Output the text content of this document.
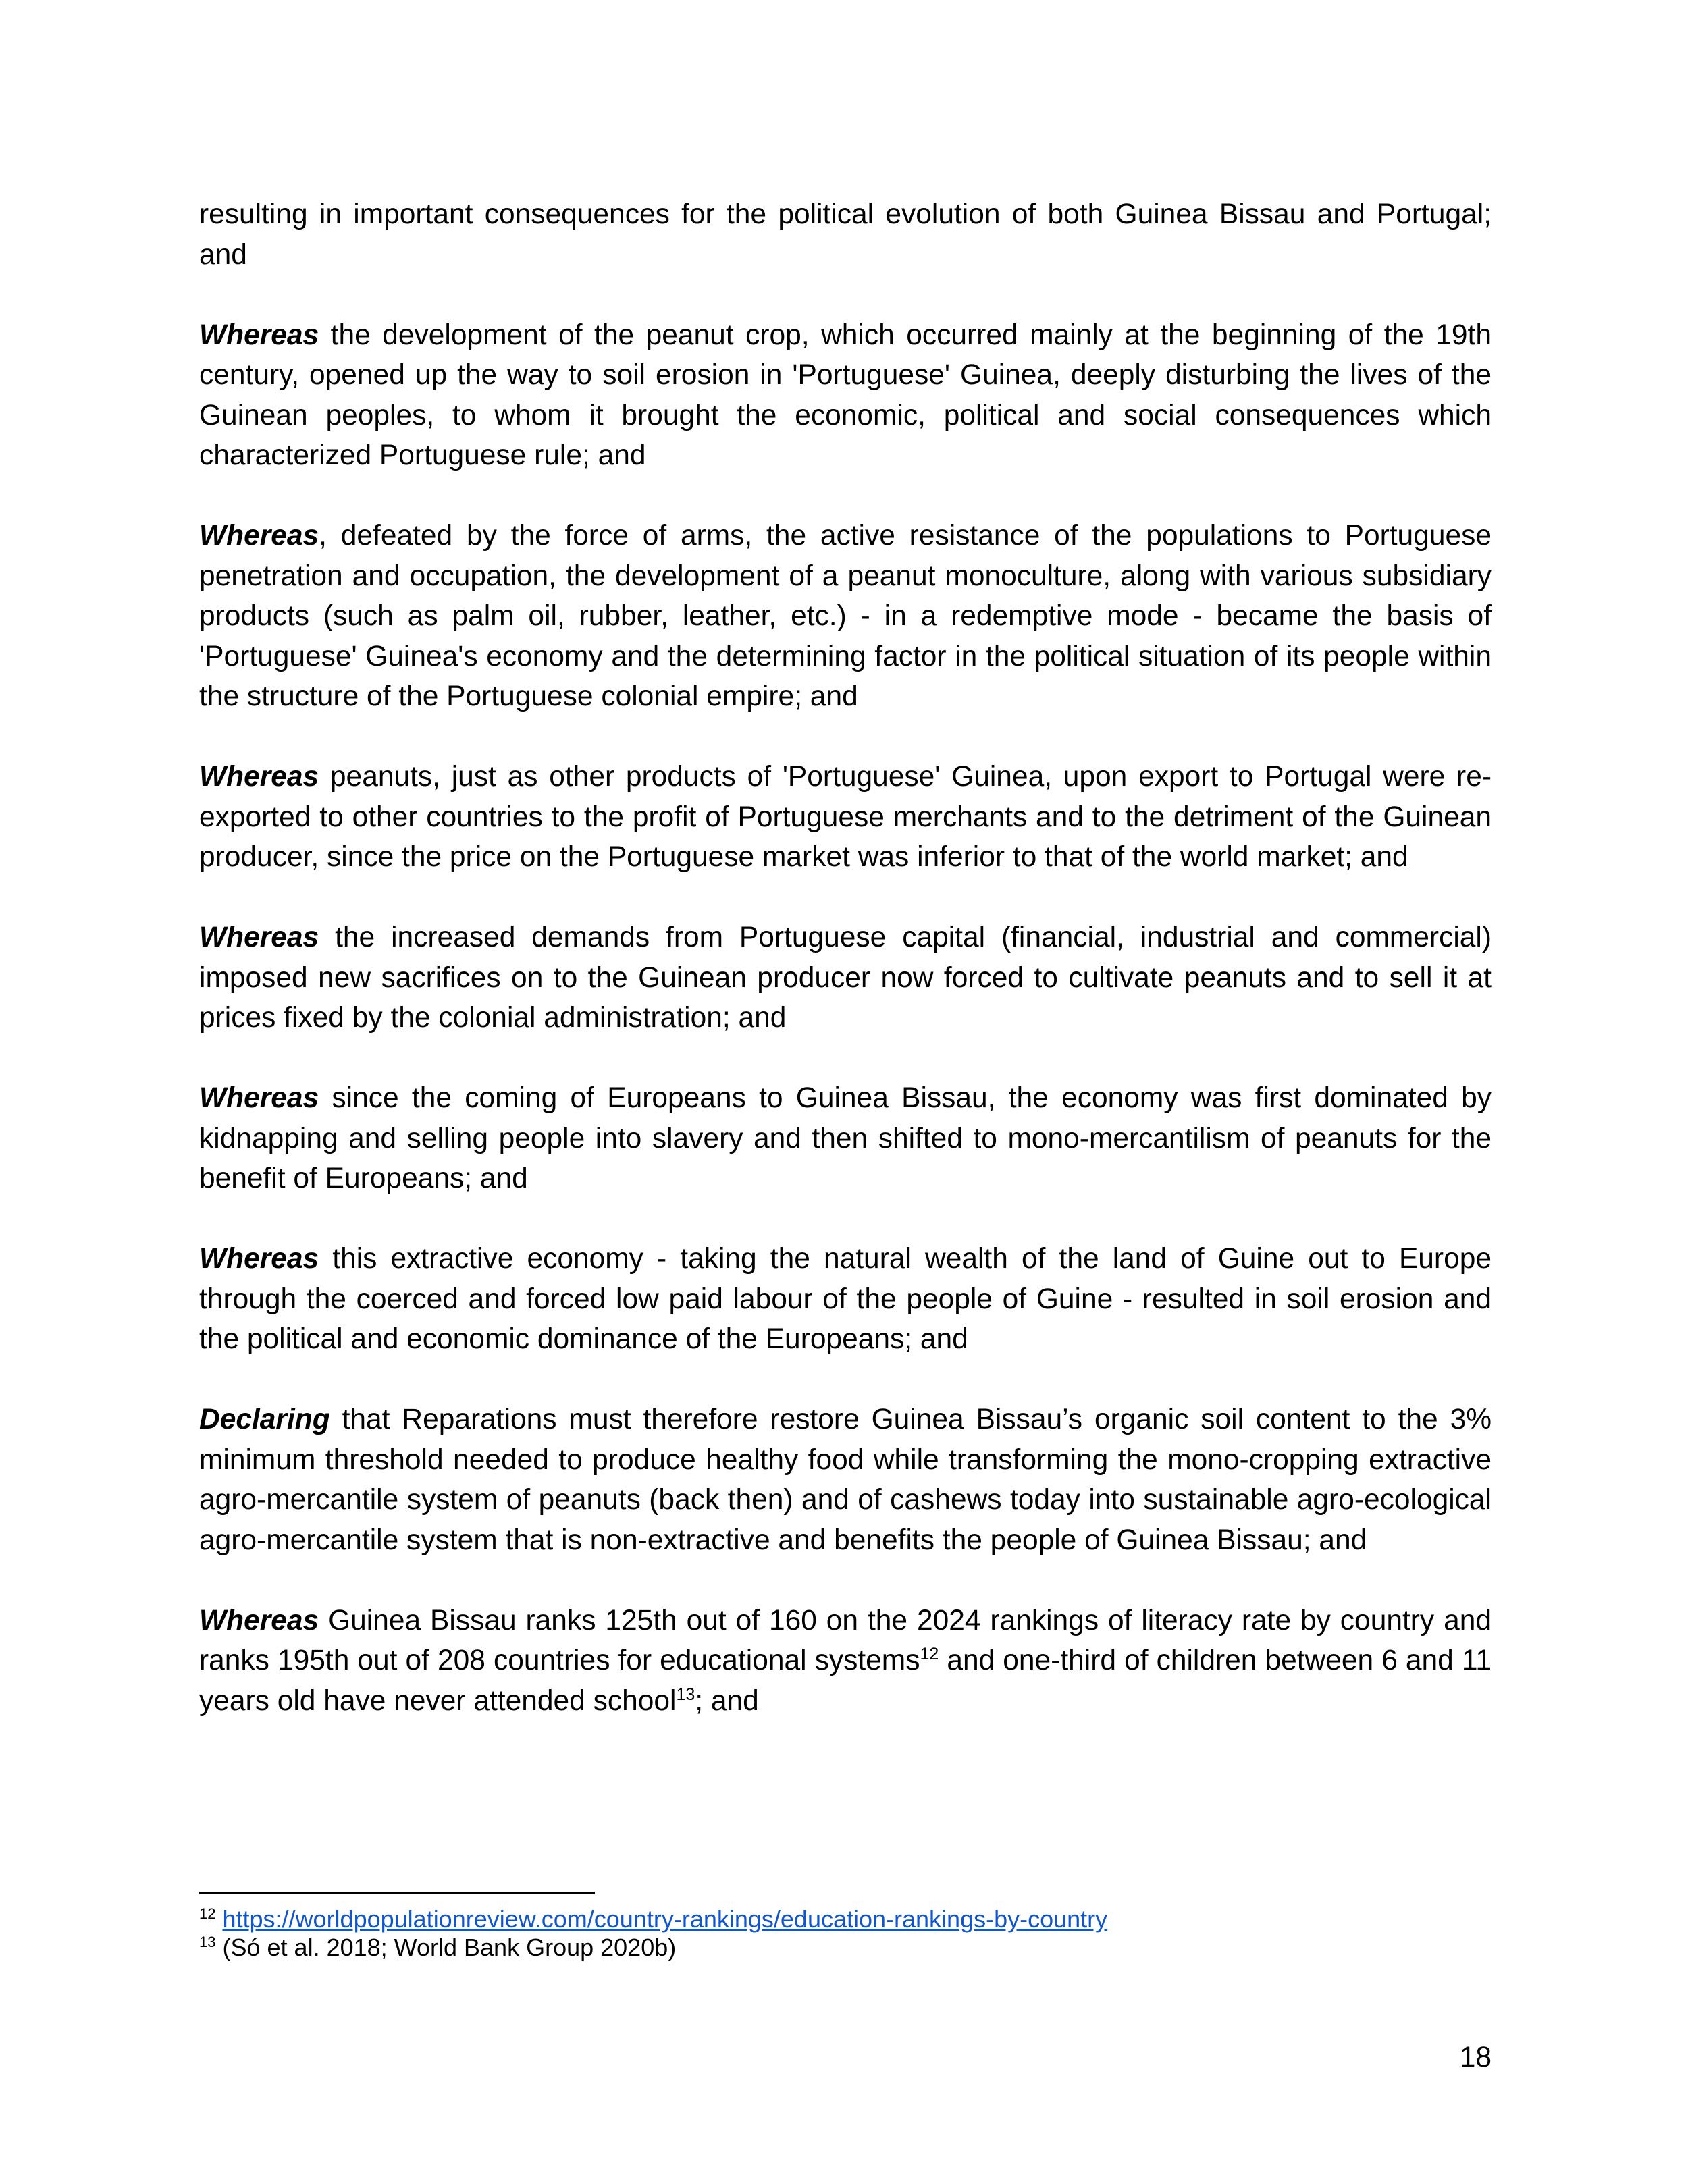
resulting in important consequences for the political evolution of both Guinea Bissau and Portugal; and

Whereas the development of the peanut crop, which occurred mainly at the beginning of the 19th century, opened up the way to soil erosion in 'Portuguese' Guinea, deeply disturbing the lives of the Guinean peoples, to whom it brought the economic, political and social consequences which characterized Portuguese rule; and

Whereas, defeated by the force of arms, the active resistance of the populations to Portuguese penetration and occupation, the development of a peanut monoculture, along with various subsidiary products (such as palm oil, rubber, leather, etc.) - in a redemptive mode - became the basis of 'Portuguese' Guinea's economy and the determining factor in the political situation of its people within the structure of the Portuguese colonial empire; and

Whereas peanuts, just as other products of 'Portuguese' Guinea, upon export to Portugal were re-exported to other countries to the profit of Portuguese merchants and to the detriment of the Guinean producer, since the price on the Portuguese market was inferior to that of the world market; and

Whereas the increased demands from Portuguese capital (financial, industrial and commercial) imposed new sacrifices on to the Guinean producer now forced to cultivate peanuts and to sell it at prices fixed by the colonial administration; and

Whereas since the coming of Europeans to Guinea Bissau, the economy was first dominated by kidnapping and selling people into slavery and then shifted to mono-mercantilism of peanuts for the benefit of Europeans; and

Whereas this extractive economy - taking the natural wealth of the land of Guine out to Europe through the coerced and forced low paid labour of the people of Guine - resulted in soil erosion and the political and economic dominance of the Europeans; and

Declaring that Reparations must therefore restore Guinea Bissau’s organic soil content to the 3% minimum threshold needed to produce healthy food while transforming the mono-cropping extractive agro-mercantile system of peanuts (back then) and of cashews today into sustainable agro-ecological agro-mercantile system that is non-extractive and benefits the people of Guinea Bissau; and

Whereas Guinea Bissau ranks 125th out of 160 on the 2024 rankings of literacy rate by country and ranks 195th out of 208 countries for educational systems$^{12}$ and one-third of children between 6 and 11 years old have never attended school$^{13}$; and

$^{12}$ https://worldpopulationreview.com/country-rankings/education-rankings-by-country
$^{13}$ (Só et al. 2018; World Bank Group 2020b)
18
